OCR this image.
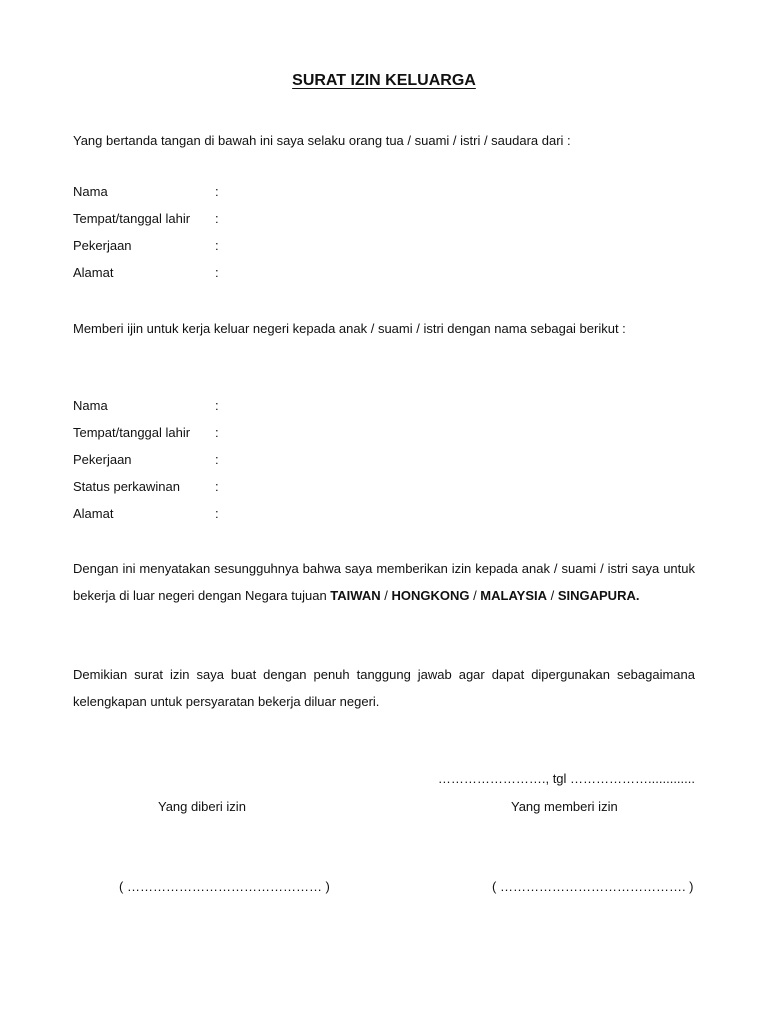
SURAT IZIN KELUARGA
Yang bertanda tangan di bawah ini saya selaku orang tua / suami / istri / saudara dari :
Nama	:
Tempat/tanggal lahir :
Pekerjaan	:
Alamat	:
Memberi ijin untuk kerja keluar negeri kepada anak / suami / istri dengan nama sebagai berikut :
Nama	:
Tempat/tanggal lahir :
Pekerjaan	:
Status perkawinan	:
Alamat	:
Dengan ini menyatakan sesungguhnya bahwa saya memberikan izin kepada anak / suami / istri saya untuk bekerja di luar negeri dengan Negara tujuan TAIWAN / HONGKONG / MALAYSIA / SINGAPURA.
Demikian surat izin saya buat dengan penuh tanggung jawab agar dapat dipergunakan sebagaimana kelengkapan untuk persyaratan bekerja diluar negeri.
……………………., tgl ……………….............
Yang diberi izin	Yang memberi izin
( ……………………………………… )	( ……………………………………. )
